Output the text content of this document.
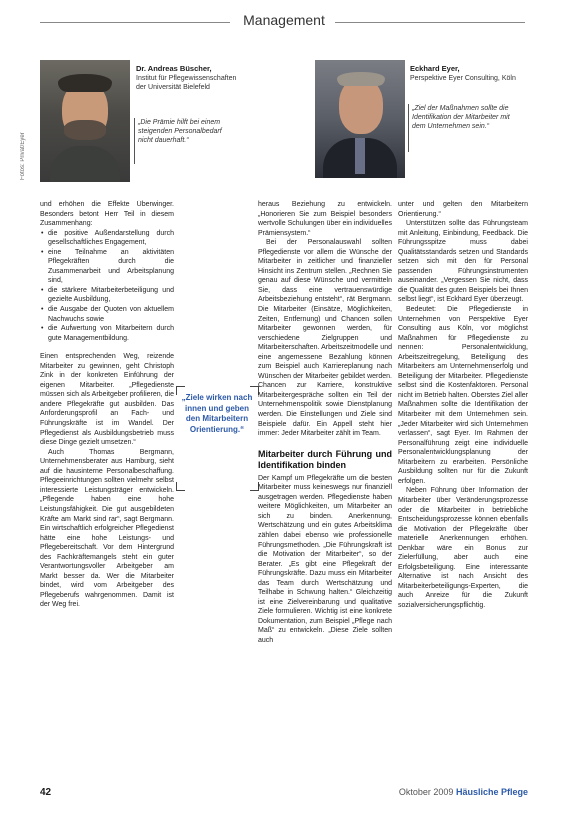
Management
Fotos: Privat/Eyer
Dr. Andreas Büscher,
Institut für Pflegewissenschaften der Universität Bielefeld
„Die Prämie hilft bei einem steigenden Personalbedarf nicht dauerhaft.“
Eckhard Eyer,
Perspektive Eyer Consulting, Köln
„Ziel der Maßnahmen sollte die Identifikation der Mitarbeiter mit dem Unternehmen sein.“

und erhöhen die Effekte Überwinger. Besonders betont Herr Teil in diesem Zusammenhang:

• die positive Außendarstellung durch gesellschaftliches Engagement,

• eine Teilnahme an aktivitäten Pflegekräften durch die Zusammenarbeit und Arbeitsplanung sind,

• die stärkere Mitarbeiterbeteiligung und gezielte Ausbildung,

• die Ausgabe der Quoten von aktuellem Nachwuchs sowie

• die Aufwertung von Mitarbeitern durch gute Managementbildung.

Einen entsprechenden Weg, reizende Mitarbeiter zu gewinnen, geht Christoph Zink in der konkreten Einführung der eigenen Mitarbeiter. „Pflegedienste müssen sich als Arbeitgeber profilieren, die andere Pflegekräfte gut ausbilden. Das Anforderungsprofil an Fach- und Führungskräfte ist im Wandel. Der Pflegedienst als Ausbildungsbetrieb muss diese Dinge gezielt umsetzen.“

Auch Thomas Bergmann, Unternehmensberater aus Hamburg, sieht auf die hausinterne Personalbeschaffung. Pflegeeinrichtungen sollten vielmehr selbst interessierte Leistungsträger entwickeln. „Pflegende haben eine hohe Leistungsfähigkeit. Die gut ausgebildeten Kräfte am Markt sind rar“, sagt Bergmann. Ein wirtschaftlich erfolgreicher Pflegedienst hätte eine hohe Leistungs- und Pflegebereitschaft. Vor dem Hintergrund des Fachkräftemangels steht ein guter Verantwortungsvoller Arbeitgeber am Markt besser da. Wer die Mitarbeiter bindet, wird vom Arbeitgeber des Pflegeberufs wahrgenommen. Damit ist der Weg frei.

„Ziele wirken nach innen und geben den Mitarbeitern Orientierung.“

heraus Beziehung zu entwickeln. „Honorieren Sie zum Beispiel besonders wertvolle Schulungen über ein individuelles Prämiensystem.“

Bei der Personalauswahl sollten Pflegedienste vor allem die Wünsche der Mitarbeiter in zeitlicher und finanzieller Hinsicht ins Zentrum stellen. „Rechnen Sie genau auf diese Wünsche und vermitteln Sie, dass eine vertrauenswürdige Arbeitsbeziehung entsteht“, rät Bergmann. Die Mitarbeiter (Einsätze, Möglichkeiten, Zeiten, Entfernung) und Chancen sollen Mitarbeiter gewonnen werden, für verschiedene Zielgruppen und Mitarbeiterschaften. Arbeitszeitmodelle und eine angemessene Bezahlung können zum Beispiel auch Karriereplanung nach Wünschen der Mitarbeiter gebildet werden. Chancen zur Karriere, konstruktive Mitarbeitergespräche sollten ein Teil der Unternehmenspolitik sowie Dienstplanung werden. Die Einstellungen und Ziele sind Beispiele dafür. Ein Appell steht hier immer: Jeder Mitarbeiter zählt im Team.

Mitarbeiter durch Führung und Identifikation binden

Der Kampf um Pflegekräfte um die besten Mitarbeiter muss keineswegs nur finanziell ausgetragen werden. Pflegedienste haben weitere Möglichkeiten, um Mitarbeiter an sich zu binden. Anerkennung, Wertschätzung und ein gutes Arbeitsklima zählen dabei ebenso wie professionelle Führungsmethoden. „Die Führungskraft ist die Motivation der Mitarbeiter“, so der Berater. „Es gibt eine Pflegekraft der Führungskräfte. Dazu muss ein Mitarbeiter das Team durch Wertschätzung und Teilhabe in Schwung halten.“ Gleichzeitig ist eine Zielvereinbarung und qualitative Ziele formulieren. Wichtig ist eine konkrete Dokumentation, zum Beispiel „Pflege nach Maß“ zu entwickeln. „Diese Ziele sollten auch

unter und gelten den Mitarbeitern Orientierung.“

Unterstützen sollte das Führungsteam mit Anleitung, Einbindung, Feedback. Die Führungsspitze muss dabei Qualitätsstandards setzen und Standards setzen sich mit den für Personal passenden Führungsinstrumenten auseinander. „Vergessen Sie nicht, dass die Qualität des guten Beispiels bei Ihnen selbst liegt“, ist Eckhard Eyer überzeugt.

Bedeutet: Die Pflegedienste in Unternehmen von Perspektive Eyer Consulting aus Köln, vor möglichst Maßnahmen für Pflegedienste zu nennen: Personalentwicklung, Arbeitszeitregelung, Beteiligung des Mitarbeiters am Unternehmenserfolg und Beteiligung der Mitarbeiter. Pflegedienste selbst sind die Kostenfaktoren. Personal nicht im Betrieb halten. Oberstes Ziel aller Maßnahmen sollte die Identifikation der Mitarbeiter mit dem Unternehmen sein. „Jeder Mitarbeiter wird sich Unternehmen verlassen“, sagt Eyer. Im Rahmen der Personalführung zeigt eine individuelle Personalentwicklungsplanung der Mitarbeitern zu erarbeiten. Persönliche Ausbildung sollten nur für die Zukunft erfolgen.

Neben Führung über Information der Mitarbeiter über Veränderungsprozesse oder die Mitarbeiter in betriebliche Entscheidungsprozesse können ebenfalls die Motivation der Pflegekräfte über materielle Anerkennungen erhöhen. Denkbar wäre ein Bonus zur Zielerfüllung, aber auch eine Erfolgsbeteiligung. Eine interessante Alternative ist nach Ansicht des Mitarbeiterbeteiligungs-Experten, die auch Anreize für die Zukunft sozialversicherungspflichtig.

42	Oktober 2009 Häusliche Pflege
